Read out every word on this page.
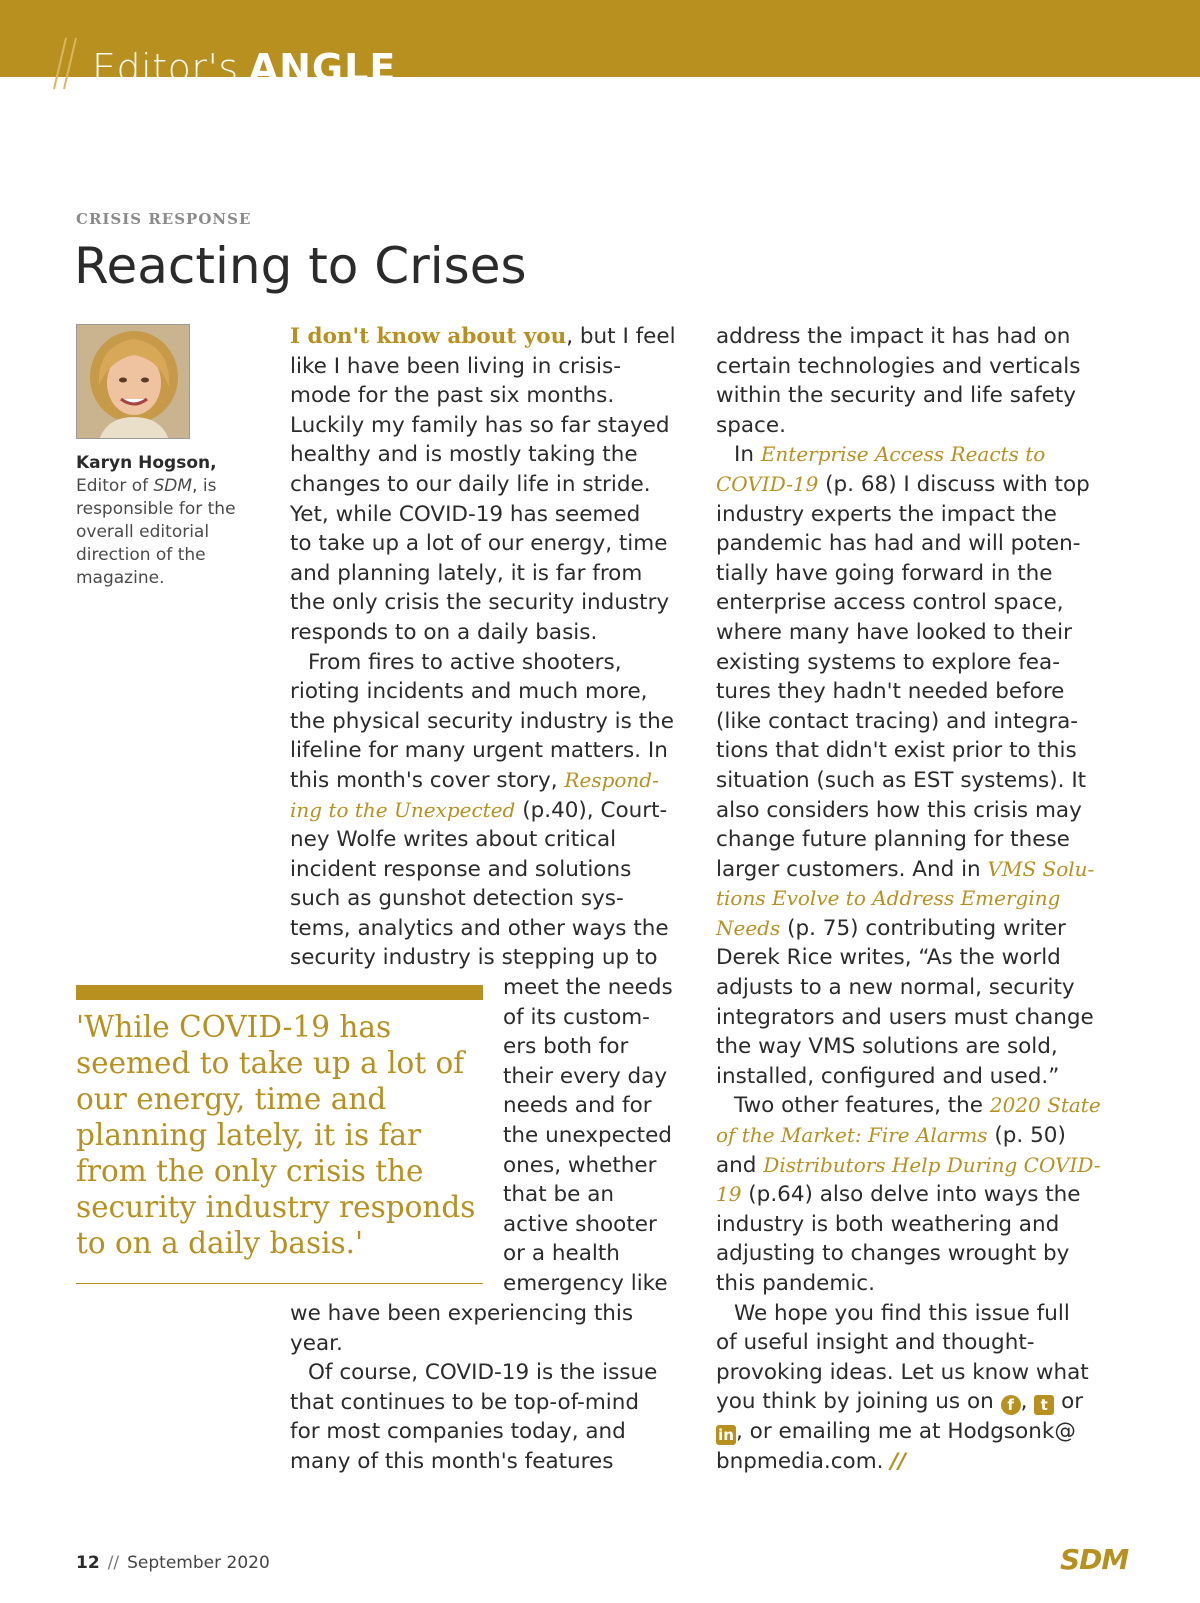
Editor's ANGLE
CRISIS RESPONSE
Reacting to Crises
Karyn Hogson,
Editor of SDM, is responsible for the overall editorial direction of the magazine.
I don't know about you, but I feel
like I have been living in crisis-
mode for the past six months.
Luckily my family has so far stayed
healthy and is mostly taking the
changes to our daily life in stride.
Yet, while COVID-19 has seemed
to take up a lot of our energy, time
and planning lately, it is far from
the only crisis the security industry
responds to on a daily basis.
From fires to active shooters,
rioting incidents and much more,
the physical security industry is the
lifeline for many urgent matters. In
this month's cover story, Respond-
ing to the Unexpected (p.40), Court-
ney Wolfe writes about critical
incident response and solutions
such as gunshot detection sys-
tems, analytics and other ways the
security industry is stepping up to
meet the needs
of its custom-
ers both for
their every day
needs and for
the unexpected
ones, whether
that be an
active shooter
or a health
emergency like
we have been experiencing this
year.
Of course, COVID-19 is the issue
that continues to be top-of-mind
for most companies today, and
many of this month's features

'While COVID-19 has seemed to take up a lot of our energy, time and planning lately, it is far from the only crisis the security industry responds to on a daily basis.'

address the impact it has had on
certain technologies and verticals
within the security and life safety
space.
In Enterprise Access Reacts to
COVID-19 (p. 68) I discuss with top
industry experts the impact the
pandemic has had and will poten-
tially have going forward in the
enterprise access control space,
where many have looked to their
existing systems to explore fea-
tures they hadn't needed before
(like contact tracing) and integra-
tions that didn't exist prior to this
situation (such as EST systems). It
also considers how this crisis may
change future planning for these
larger customers. And in VMS Solu-
tions Evolve to Address Emerging
Needs (p. 75) contributing writer
Derek Rice writes, “As the world
adjusts to a new normal, security
integrators and users must change
the way VMS solutions are sold,
installed, configured and used.”
Two other features, the 2020 State
of the Market: Fire Alarms (p. 50)
and Distributors Help During COVID-
19 (p.64) also delve into ways the
industry is both weathering and
adjusting to changes wrought by
this pandemic.
We hope you find this issue full
of useful insight and thought-
provoking ideas. Let us know what
you think by joining us on f , t or
in, or emailing me at Hodgsonk@
bnpmedia.com. //
12 // September 2020	SDM
